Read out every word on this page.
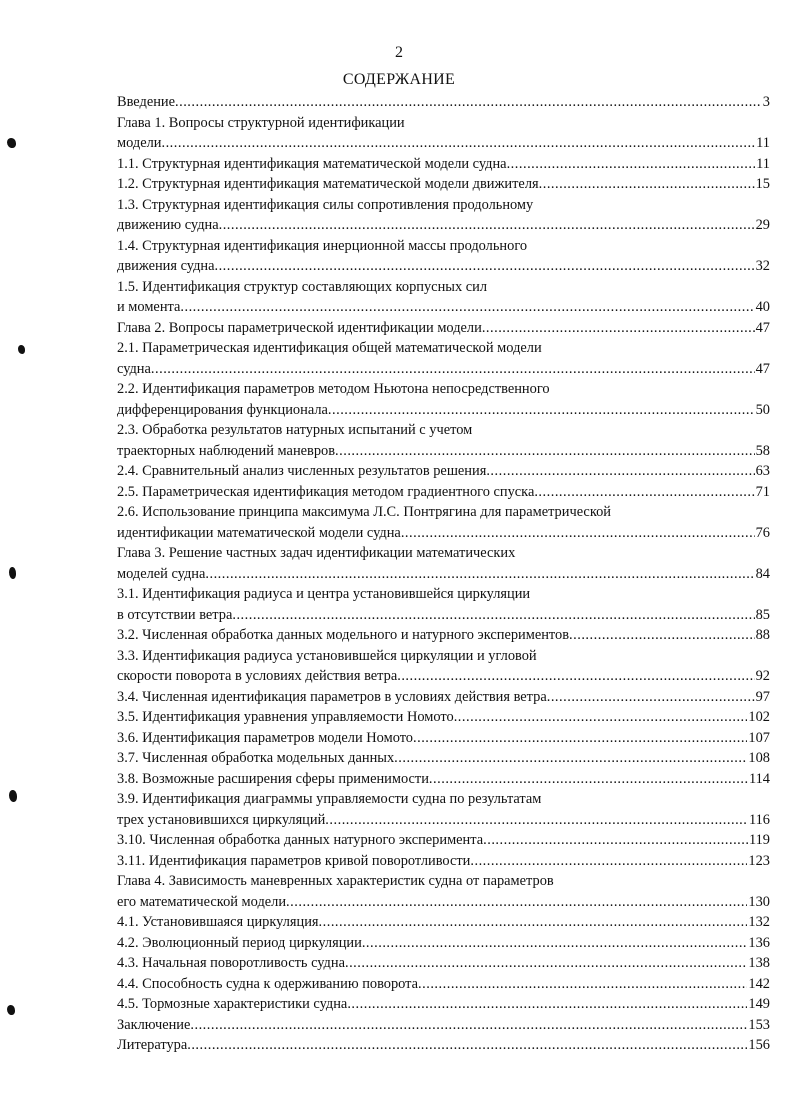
2
СОДЕРЖАНИЕ
Введение .....	3
Глава 1. Вопросы структурной идентификации
модели .....	11
1.1. Структурная идентификация математической модели судна .....	11
1.2. Структурная идентификация математической модели движителя .....	15
1.3. Структурная идентификация силы сопротивления продольному
движению судна .....	29
1.4. Структурная идентификация инерционной массы продольного
движения судна .....	32
1.5. Идентификация структур составляющих корпусных сил
и момента .....	40
Глава 2. Вопросы параметрической идентификации модели .....	47
2.1. Параметрическая идентификация общей математической модели
судна .....	47
2.2. Идентификация параметров методом Ньютона непосредственного
дифференцирования функционала .....	50
2.3. Обработка результатов натурных испытаний с учетом
траекторных наблюдений маневров .....	58
2.4. Сравнительный анализ численных результатов решения .....	63
2.5. Параметрическая идентификация методом градиентного спуска .....	71
2.6. Использование принципа максимума Л.С. Понтрягина для параметрической
идентификации математической модели судна .....	76
Глава 3. Решение частных задач идентификации математических
моделей судна .....	84
3.1. Идентификация радиуса и центра установившейся циркуляции
в отсутствии ветра .....	85
3.2. Численная обработка данных модельного и натурного экспериментов .....	88
3.3. Идентификация радиуса установившейся циркуляции и угловой
скорости поворота в условиях действия ветра .....	92
3.4. Численная идентификация параметров в условиях действия ветра .....	97
3.5. Идентификация уравнения управляемости Номото .....	102
3.6. Идентификация параметров модели Номото .....	107
3.7. Численная обработка модельных данных .....	108
3.8. Возможные расширения сферы применимости .....	114
3.9. Идентификация диаграммы управляемости судна по результатам
трех установившихся циркуляций .....	116
3.10. Численная обработка данных натурного эксперимента .....	119
3.11. Идентификация параметров кривой поворотливости .....	123
Глава 4. Зависимость маневренных характеристик судна от параметров
его математической модели .....	130
4.1. Установившаяся циркуляция .....	132
4.2. Эволюционный период циркуляции .....	136
4.3. Начальная поворотливость судна .....	138
4.4. Способность судна к одерживанию поворота .....	142
4.5. Тормозные характеристики судна .....	149
Заключение .....	153
Литература .....	156
